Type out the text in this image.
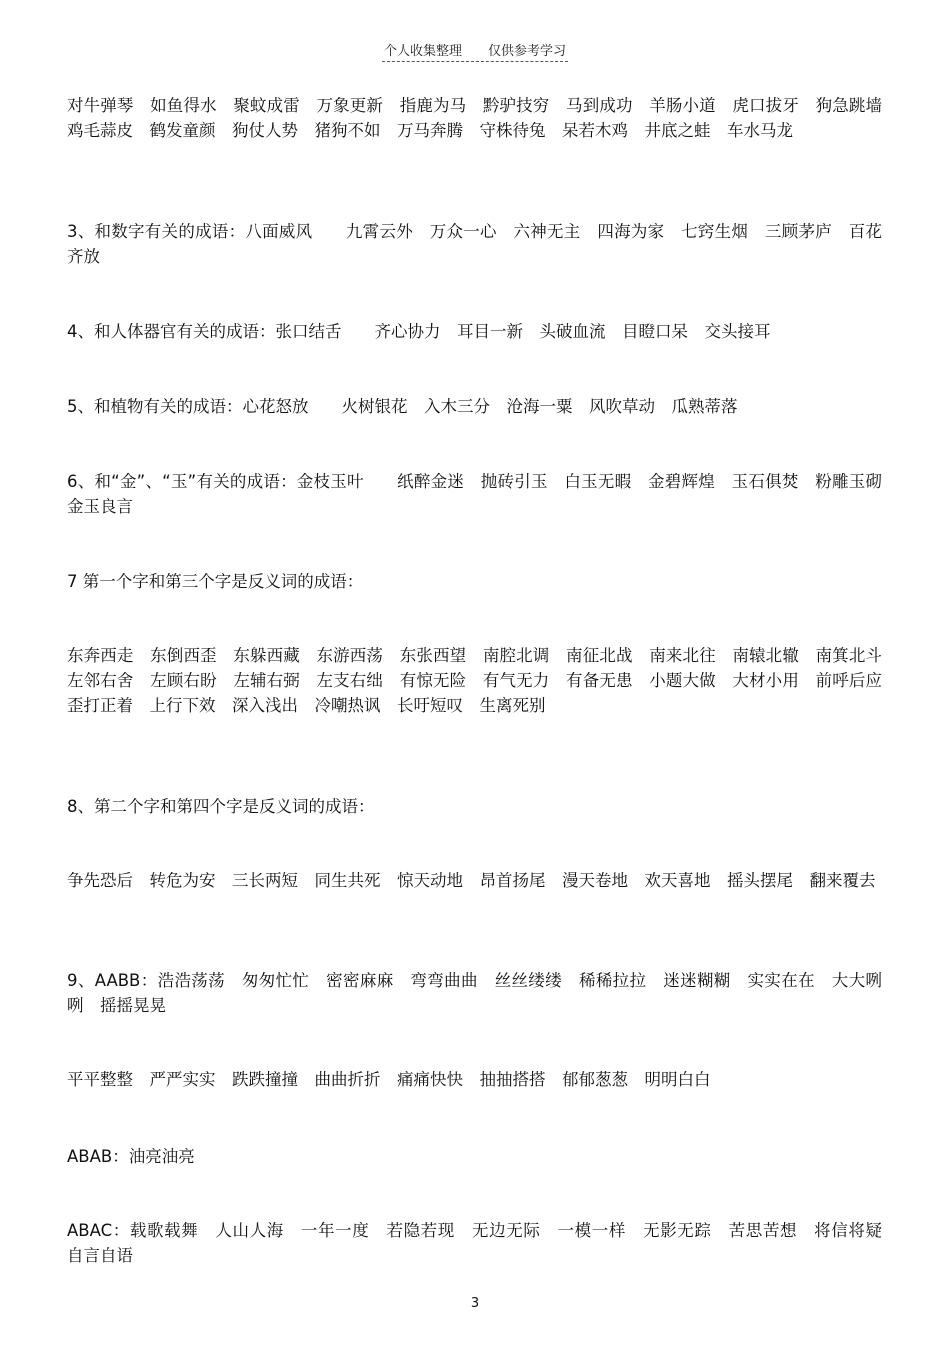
个人收集整理 仅供参考学习
对牛弹琴　如鱼得水　聚蚊成雷　万象更新　指鹿为马　黔驴技穷　马到成功　羊肠小道　虎口拔牙　狗急跳墙　鸡毛蒜皮　鹤发童颜　狗仗人势　猪狗不如　万马奔腾　守株待兔　呆若木鸡　井底之蛙　车水马龙
3、和数字有关的成语：八面威风　　九霄云外　万众一心　六神无主　四海为家　七窍生烟　三顾茅庐　百花齐放
4、和人体器官有关的成语：张口结舌　　齐心协力　耳目一新　头破血流　目瞪口呆　交头接耳
5、和植物有关的成语：心花怒放　　火树银花　入木三分　沧海一粟　风吹草动　瓜熟蒂落
6、和“金”、“玉”有关的成语：金枝玉叶　　纸醉金迷　抛砖引玉　白玉无暇　金碧辉煌　玉石俱焚　粉雕玉砌　金玉良言
7 第一个字和第三个字是反义词的成语：
东奔西走　东倒西歪　东躲西藏　东游西荡　东张西望　南腔北调　南征北战　南来北往　南辕北辙　南箕北斗　左邻右舍　左顾右盼　左辅右弼　左支右绌　有惊无险　有气无力　有备无患　小题大做　大材小用　前呼后应　歪打正着　上行下效　深入浅出　冷嘲热讽　长吁短叹　生离死别
8、第二个字和第四个字是反义词的成语：
争先恐后　转危为安　三长两短　同生共死　惊天动地　昂首扬尾　漫天卷地　欢天喜地　摇头摆尾　翻来覆去
9、AABB：浩浩荡荡　匆匆忙忙　密密麻麻　弯弯曲曲　丝丝缕缕　稀稀拉拉　迷迷糊糊　实实在在　大大咧咧　摇摇晃晃
平平整整　严严实实　跌跌撞撞　曲曲折折　痛痛快快　抽抽搭搭　郁郁葱葱　明明白白
ABAB：油亮油亮
ABAC：载歌载舞　人山人海　一年一度　若隐若现　无边无际　一模一样　无影无踪　苦思苦想　将信将疑　自言自语
3
